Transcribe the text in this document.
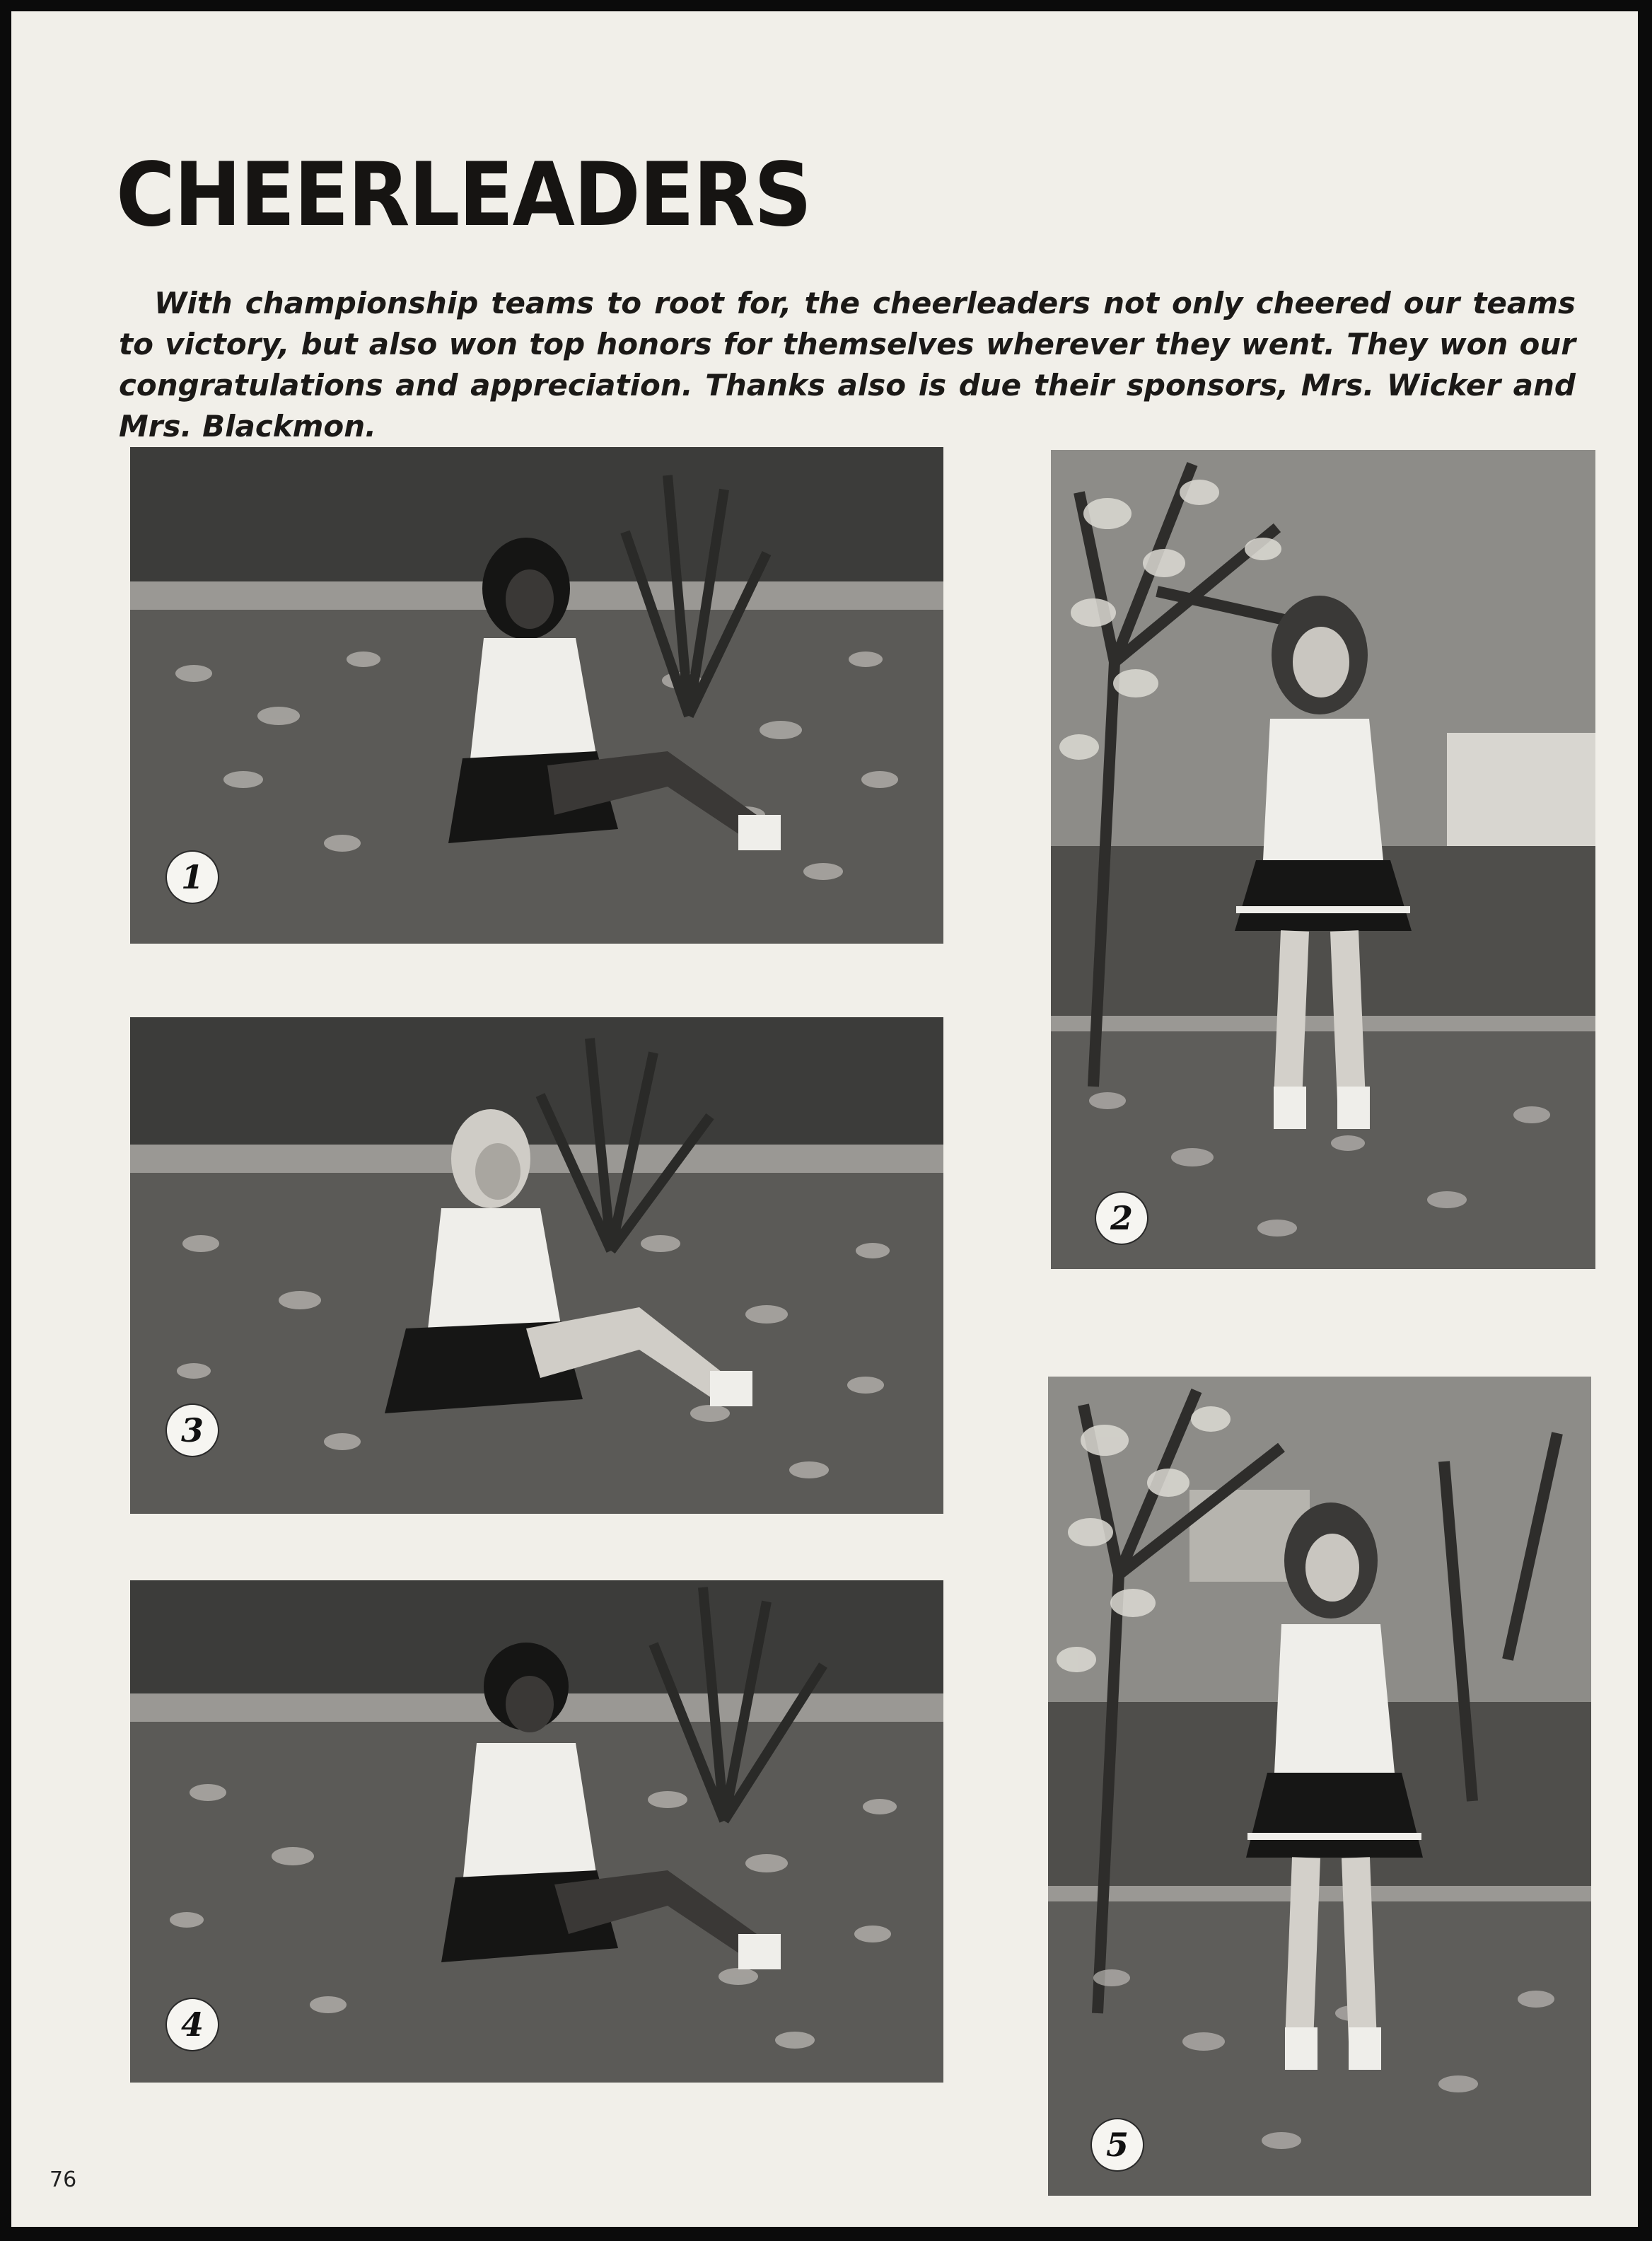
CHEERLEADERS

With championship teams to root for, the cheerleaders not only cheered our teams to victory, but also won top honors for themselves wherever they went. They won our congratulations and appreciation. Thanks also is due their sponsors, Mrs. Wicker and Mrs. Blackmon.

1
2
3
4
5
76
